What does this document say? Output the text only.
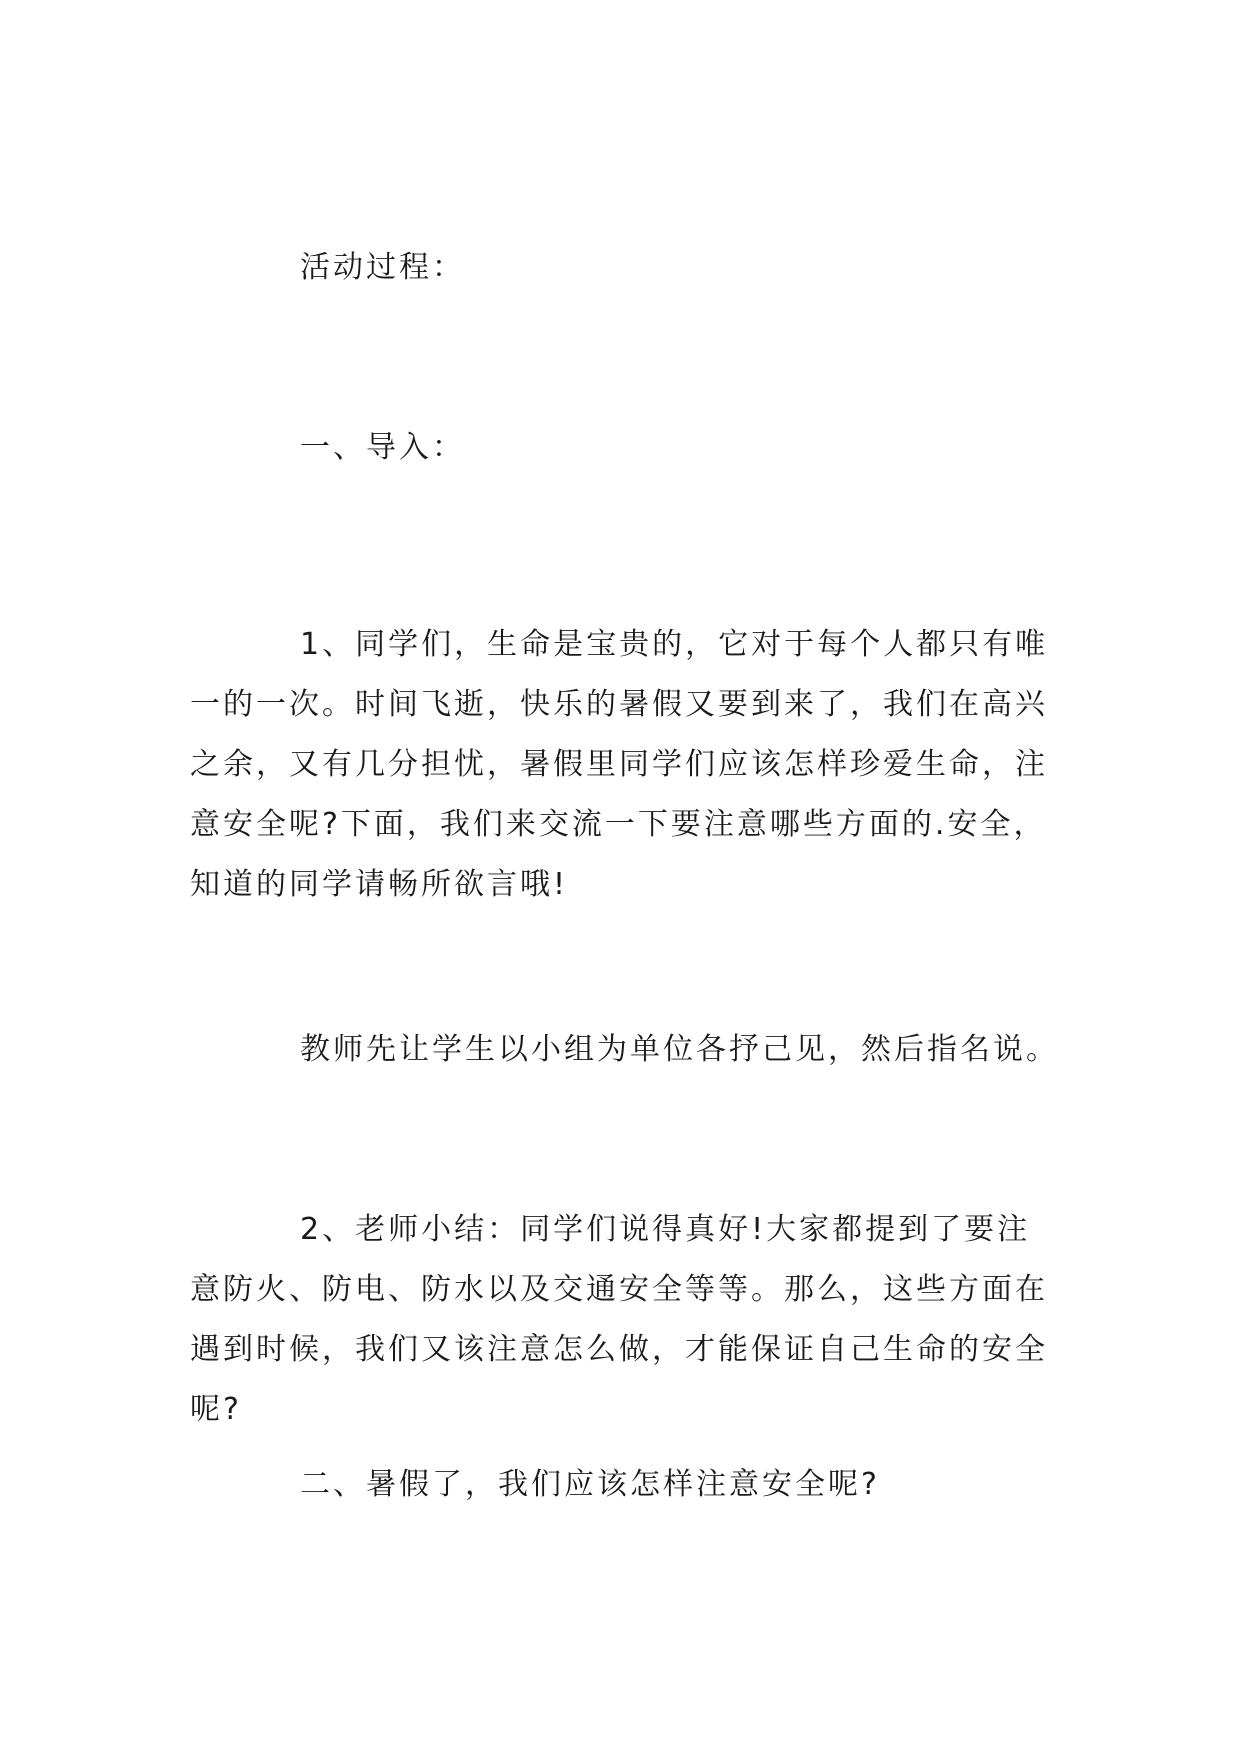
活动过程：

一、导入：

1、同学们，生命是宝贵的，它对于每个人都只有唯一的一次。时间飞逝，快乐的暑假又要到来了，我们在高兴之余，又有几分担忧，暑假里同学们应该怎样珍爱生命，注意安全呢?下面，我们来交流一下要注意哪些方面的.安全，知道的同学请畅所欲言哦!

教师先让学生以小组为单位各抒己见，然后指名说。

2、老师小结：同学们说得真好!大家都提到了要注意防火、防电、防水以及交通安全等等。那么，这些方面在遇到时候，我们又该注意怎么做，才能保证自己生命的安全呢?

二、暑假了，我们应该怎样注意安全呢?
